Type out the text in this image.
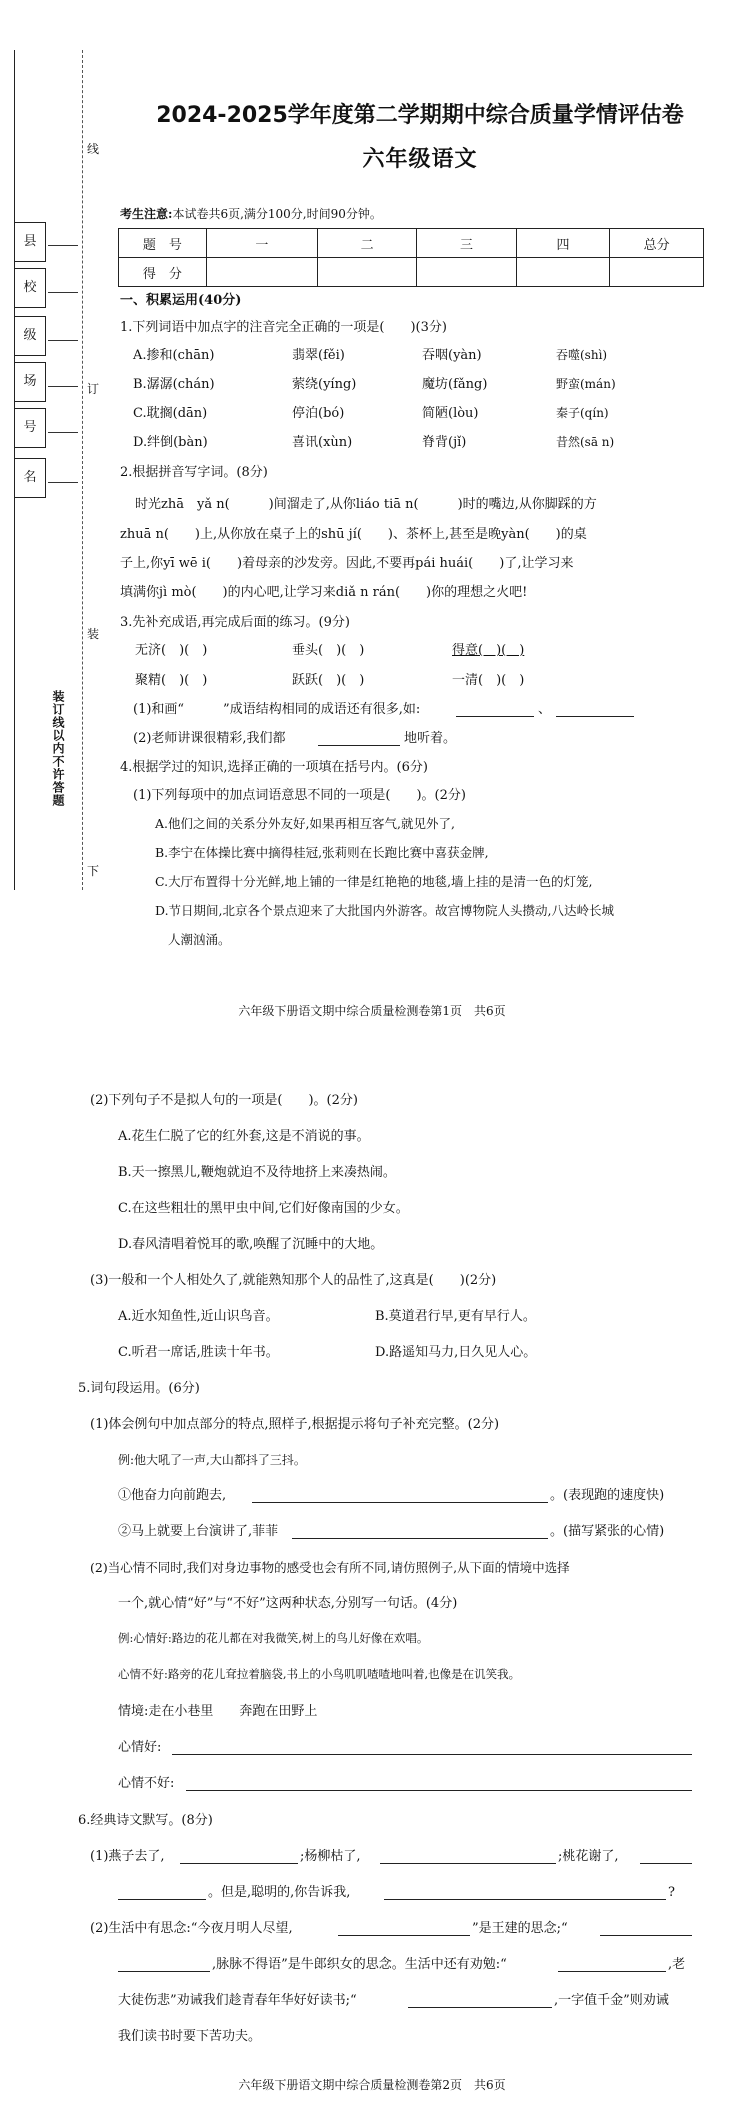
县
校
级
场
号
名
线
订
装
下
装订线以内不许答题
2024-2025学年度第二学期期中综合质量学情评估卷
六年级语文
考生注意:本试卷共6页,满分100分,时间90分钟。
题　号	一	二	三	四	总分
得　分					
一、积累运用(40分)
1.下列词语中加点字的注音完全正确的一项是(　　)(3分)
A.掺和(chān)	翡翠(fěi)	吞咽(yàn)	吞噬(shì)
B.潺潺(chán)	萦绕(yíng)	魔坊(fǎng)	野蛮(mán)
C.耽搁(dān)	停泊(bó)	简陋(lòu)	秦子(qín)
D.绊倒(bàn)	喜讯(xùn)	脊背(jǐ)	昔然(sā n)
2.根据拼音写字词。(8分)
时光zhā　yǎ n(　　　)间溜走了,从你liáo tiā n(　　　)时的嘴边,从你脚踩的方
zhuā n(　　)上,从你放在桌子上的shū jí(　　)、茶杯上,甚至是晚yàn(　　)的桌
子上,你yī wē i(　　)着母亲的沙发旁。因此,不要再pái huái(　　)了,让学习来
填满你jì mò(　　)的内心吧,让学习来diǎ n rán(　　)你的理想之火吧!
3.先补充成语,再完成后面的练习。(9分)
无济(　)(　)	垂头(　)(　)	得意(　)(　)
聚精(　)(　)	跃跃(　)(　)	一清(　)(　)
(1)和画“　　　”成语结构相同的成语还有很多,如:	、
(2)老师讲课很精彩,我们都	地听着。
4.根据学过的知识,选择正确的一项填在括号内。(6分)
(1)下列每项中的加点词语意思不同的一项是(　　)。(2分)
A.他们之间的关系分外友好,如果再相互客气,就见外了,
B.李宁在体操比赛中摘得桂冠,张莉则在长跑比赛中喜获金牌,
C.大厅布置得十分光鲜,地上铺的一律是红艳艳的地毯,墙上挂的是清一色的灯笼,
D.节日期间,北京各个景点迎来了大批国内外游客。故宫博物院人头攒动,八达岭长城
人潮汹涌。
六年级下册语文期中综合质量检测卷第1页　共6页
(2)下列句子不是拟人句的一项是(　　)。(2分)
A.花生仁脱了它的红外套,这是不消说的事。
B.天一擦黑儿,鞭炮就迫不及待地挤上来凑热闹。
C.在这些粗壮的黑甲虫中间,它们好像南国的少女。
D.春风清唱着悦耳的歌,唤醒了沉睡中的大地。
(3)一般和一个人相处久了,就能熟知那个人的品性了,这真是(　　)(2分)
A.近水知鱼性,近山识鸟音。	B.莫道君行早,更有早行人。
C.听君一席话,胜读十年书。	D.路遥知马力,日久见人心。
5.词句段运用。(6分)
(1)体会例句中加点部分的特点,照样子,根据提示将句子补充完整。(2分)
例:他大吼了一声,大山都抖了三抖。
①他奋力向前跑去,	。(表现跑的速度快)
②马上就要上台演讲了,菲菲	。(描写紧张的心情)
(2)当心情不同时,我们对身边事物的感受也会有所不同,请仿照例子,从下面的情境中选择
一个,就心情“好”与“不好”这两种状态,分别写一句话。(4分)
例:心情好:路边的花儿都在对我微笑,树上的鸟儿好像在欢唱。
心情不好:路旁的花儿耷拉着脑袋,书上的小鸟叽叽喳喳地叫着,也像是在讥笑我。
情境:走在小巷里　　奔跑在田野上
心情好:
心情不好:
6.经典诗文默写。(8分)
(1)燕子去了,	;杨柳枯了,	;桃花谢了,
。但是,聪明的,你告诉我,	?
(2)生活中有思念:“今夜月明人尽望,	”是王建的思念;“
,脉脉不得语”是牛郎织女的思念。生活中还有劝勉:“	,老
大徒伤悲”劝诫我们趁青春年华好好读书;“	,一字值千金”则劝诫
我们读书时要下苦功夫。
六年级下册语文期中综合质量检测卷第2页　共6页
